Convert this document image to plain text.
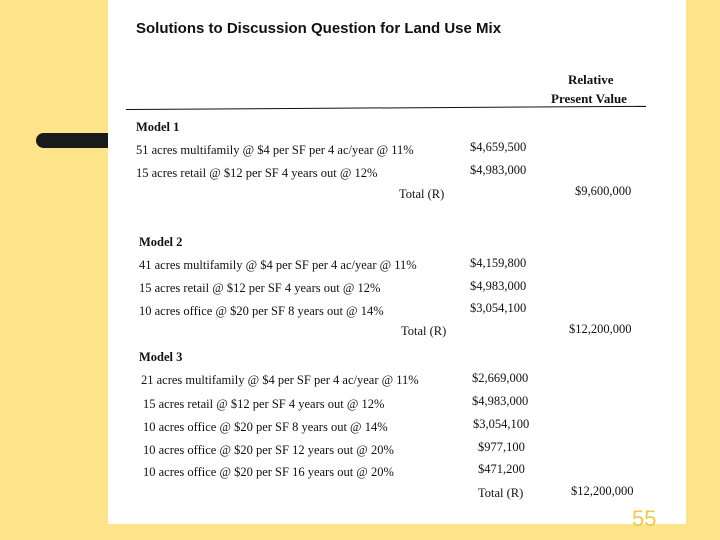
Solutions to Discussion Question for Land Use Mix
Relative
Present Value
Model 1
51 acres multifamily @ $4 per SF per 4 ac/year @ 11%	$4,659,500
15 acres retail @ $12 per SF 4 years out @ 12%	$4,983,000
Total (R)	$9,600,000
Model 2
41 acres multifamily @ $4 per SF per 4 ac/year @ 11%	$4,159,800
15 acres retail @ $12 per SF 4 years out @ 12%	$4,983,000
10 acres office @ $20 per SF 8 years out @ 14%	$3,054,100
Total (R)	$12,200,000
Model 3
21 acres multifamily @ $4 per SF per 4 ac/year @ 11%	$2,669,000
15 acres retail @ $12 per SF 4 years out @ 12%	$4,983,000
10 acres office @ $20 per SF 8 years out @ 14%	$3,054,100
10 acres office @ $20 per SF 12 years out @ 20%	$977,100
10 acres office @ $20 per SF 16 years out @ 20%	$471,200
Total (R)	$12,200,000
55
